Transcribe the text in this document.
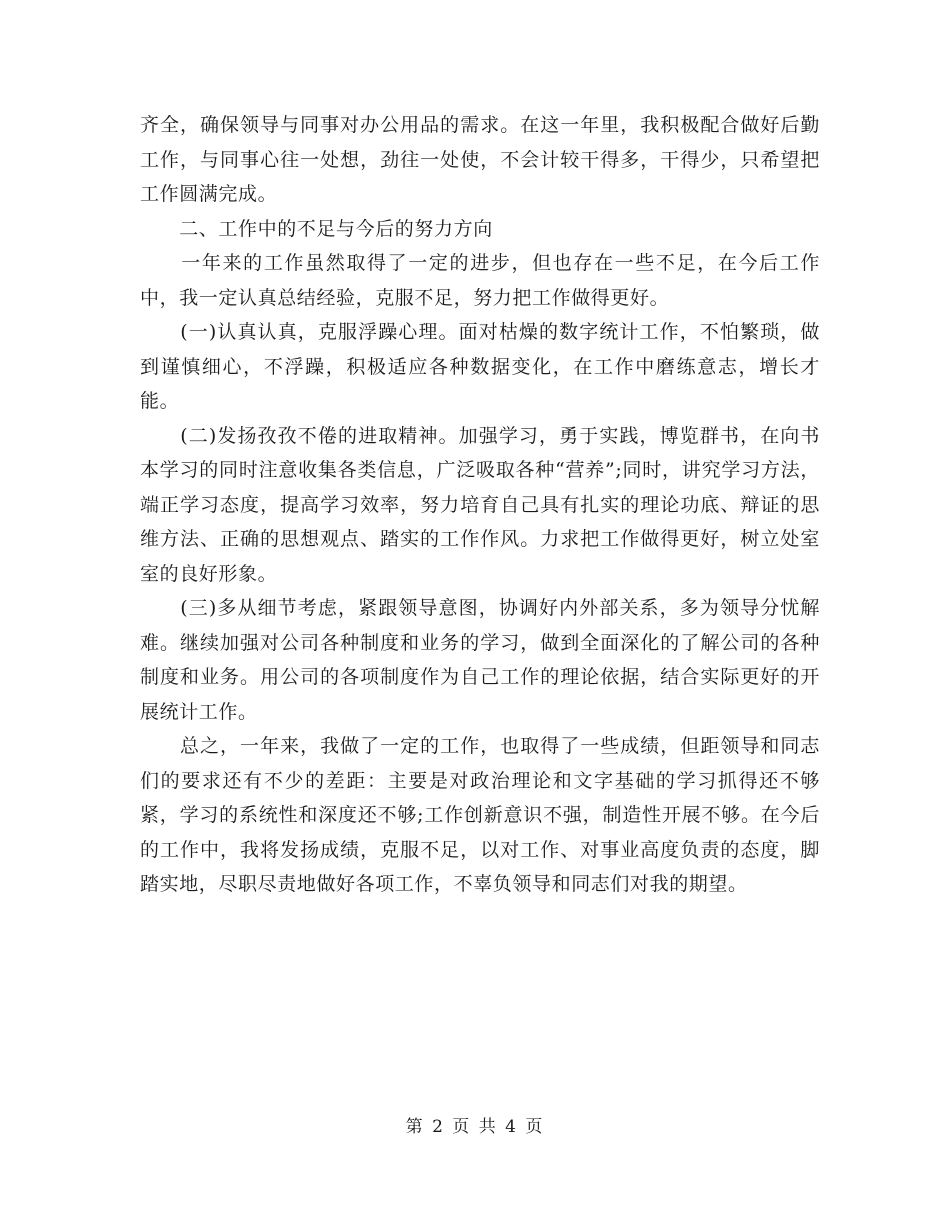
齐全，确保领导与同事对办公用品的需求。在这一年里，我积极配合做好后勤工作，与同事心往一处想，劲往一处使，不会计较干得多，干得少，只希望把工作圆满完成。

　　二、工作中的不足与今后的努力方向

　　一年来的工作虽然取得了一定的进步，但也存在一些不足，在今后工作中，我一定认真总结经验，克服不足，努力把工作做得更好。

　　(一)认真认真，克服浮躁心理。面对枯燥的数字统计工作，不怕繁琐，做到谨慎细心，不浮躁，积极适应各种数据变化，在工作中磨练意志，增长才能。

　　(二)发扬孜孜不倦的进取精神。加强学习，勇于实践，博览群书，在向书本学习的同时注意收集各类信息，广泛吸取各种“营养”;同时，讲究学习方法，端正学习态度，提高学习效率，努力培育自己具有扎实的理论功底、辩证的思维方法、正确的思想观点、踏实的工作作风。力求把工作做得更好，树立处室室的良好形象。

　　(三)多从细节考虑，紧跟领导意图，协调好内外部关系，多为领导分忧解难。继续加强对公司各种制度和业务的学习，做到全面深化的了解公司的各种制度和业务。用公司的各项制度作为自己工作的理论依据，结合实际更好的开展统计工作。

　　总之，一年来，我做了一定的工作，也取得了一些成绩，但距领导和同志们的要求还有不少的差距：主要是对政治理论和文字基础的学习抓得还不够紧，学习的系统性和深度还不够;工作创新意识不强，制造性开展不够。在今后的工作中，我将发扬成绩，克服不足，以对工作、对事业高度负责的态度，脚踏实地，尽职尽责地做好各项工作，不辜负领导和同志们对我的期望。

第 2 页 共 4 页
